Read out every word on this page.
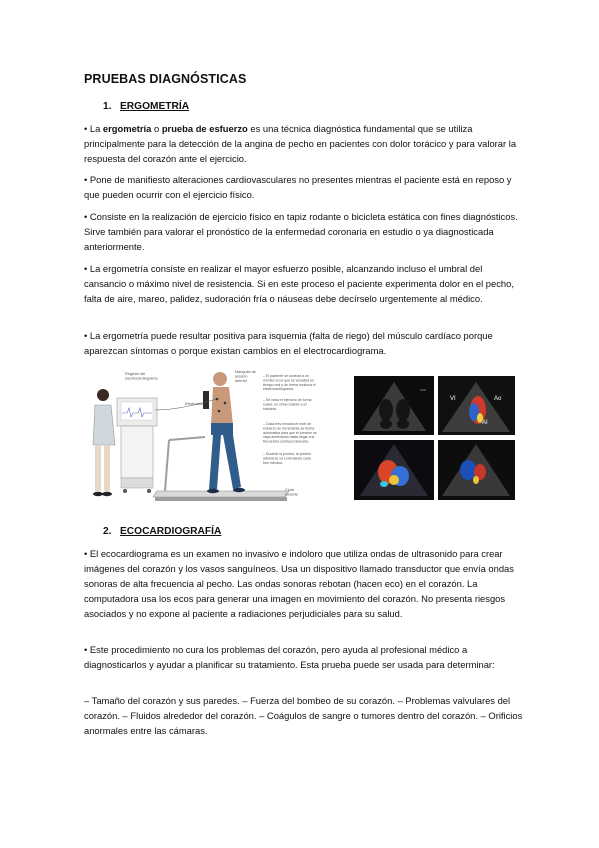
PRUEBAS DIAGNÓSTICAS
1. ERGOMETRÍA

• La ergometría o prueba de esfuerzo es una técnica diagnóstica fundamental que se utiliza principalmente para la detección de la angina de pecho en pacientes con dolor torácico y para valorar la respuesta del corazón ante el ejercicio.

• Pone de manifiesto alteraciones cardiovasculares no presentes mientras el paciente está en reposo y que pueden ocurrir con el ejercicio físico.

• Consiste en la realización de ejercicio físico en tapiz rodante o bicicleta estática con fines diagnósticos. Sirve también para valorar el pronóstico de la enfermedad coronaria en estudio o ya diagnosticada anteriormente.

• La ergometría consiste en realizar el mayor esfuerzo posible, alcanzando incluso el umbral del cansancio o máximo nivel de resistencia. Si en este proceso el paciente experimenta dolor en el pecho, falta de aire, mareo, palidez, sudoración fría o náuseas debe decírselo urgentemente al médico.

• La ergometría puede resultar positiva para isquemia (falta de riego) del músculo cardíaco porque aparezcan síntomas o porque existan cambios en el electrocardiograma.

Registro del electrocardiograma
Manguito de presión arterial
Electrodos
Cinta rodante
– El paciente se conecta a un monitor en el que se visualiza en tiempo real y de forma continua el electrocardiograma.
– Se inicia el ejercicio de forma suave, en cinta rodante o en bicicleta.
– Cada tres minutos el nivel de esfuerzo se incrementa de forma automática para que el corazón se vaya acelerando hasta llegar a la frecuencia cardíaca deseada.
– Durante la prueba, la presión arterial se va controlando cada tres minutos.
VI	Ao
AI
2. ECOCARDIOGRAFÍA

• El ecocardiograma es un examen no invasivo e indoloro que utiliza ondas de ultrasonido para crear imágenes del corazón y los vasos sanguíneos. Usa un dispositivo llamado transductor que envía ondas sonoras de alta frecuencia al pecho. Las ondas sonoras rebotan (hacen eco) en el corazón. La computadora usa los ecos para generar una imagen en movimiento del corazón. No presenta riesgos asociados y no expone al paciente a radiaciones perjudiciales para su salud.

• Este procedimiento no cura los problemas del corazón, pero ayuda al profesional médico a diagnosticarlos y ayudar a planificar su tratamiento. Esta prueba puede ser usada para determinar:

– Tamaño del corazón y sus paredes. – Fuerza del bombeo de su corazón. – Problemas valvulares del corazón. – Fluidos alrededor del corazón. – Coágulos de sangre o tumores dentro del corazón. – Orificios anormales entre las cámaras.
